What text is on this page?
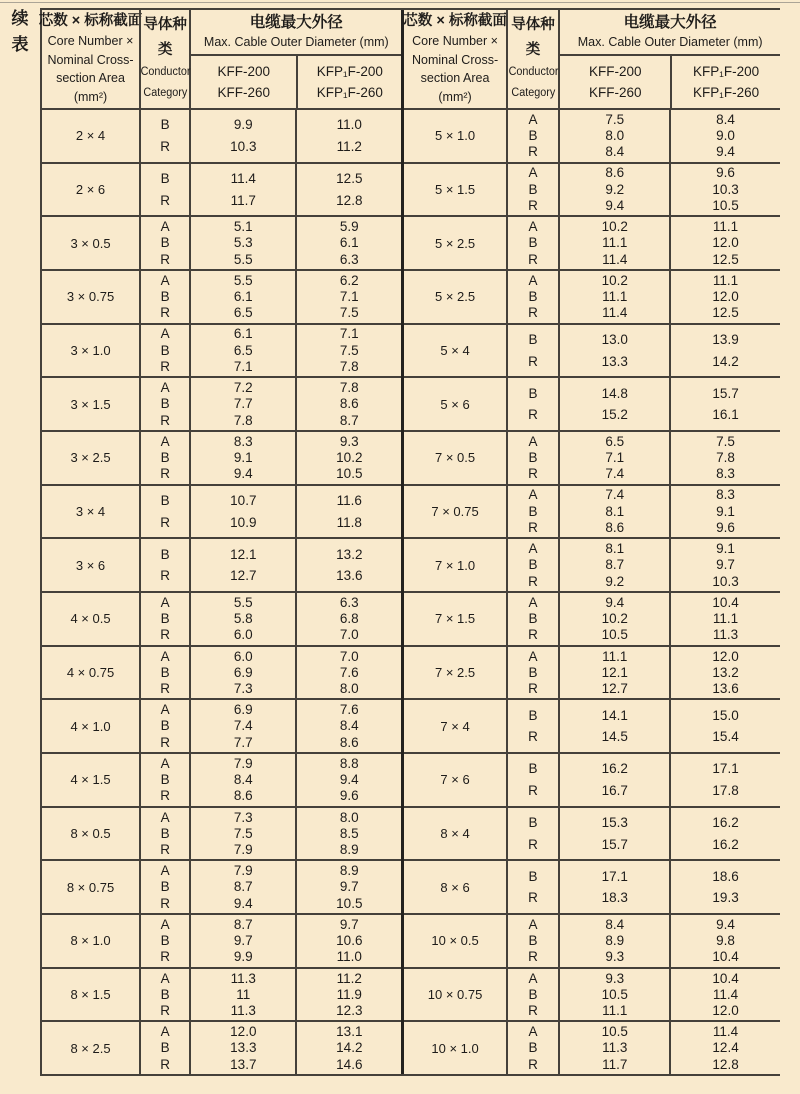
续
表
芯数 × 标称截面
Core Number ×
Nominal Cross-
section Area
(mm²)
导体种
类
Conductor
Category
电缆最大外径
Max. Cable Outer Diameter (mm)
KFF-200
KFF-260
KFP₁F-200
KFP₁F-260
2 × 4
B
R
9.9
10.3
11.0
11.2
2 × 6
B
R
11.4
11.7
12.5
12.8
3 × 0.5
A
B
R
5.1
5.3
5.5
5.9
6.1
6.3
3 × 0.75
A
B
R
5.5
6.1
6.5
6.2
7.1
7.5
3 × 1.0
A
B
R
6.1
6.5
7.1
7.1
7.5
7.8
3 × 1.5
A
B
R
7.2
7.7
7.8
7.8
8.6
8.7
3 × 2.5
A
B
R
8.3
9.1
9.4
9.3
10.2
10.5
3 × 4
B
R
10.7
10.9
11.6
11.8
3 × 6
B
R
12.1
12.7
13.2
13.6
4 × 0.5
A
B
R
5.5
5.8
6.0
6.3
6.8
7.0
4 × 0.75
A
B
R
6.0
6.9
7.3
7.0
7.6
8.0
4 × 1.0
A
B
R
6.9
7.4
7.7
7.6
8.4
8.6
4 × 1.5
A
B
R
7.9
8.4
8.6
8.8
9.4
9.6
8 × 0.5
A
B
R
7.3
7.5
7.9
8.0
8.5
8.9
8 × 0.75
A
B
R
7.9
8.7
9.4
8.9
9.7
10.5
8 × 1.0
A
B
R
8.7
9.7
9.9
9.7
10.6
11.0
8 × 1.5
A
B
R
11.3
11
11.3
11.2
11.9
12.3
8 × 2.5
A
B
R
12.0
13.3
13.7
13.1
14.2
14.6
芯数 × 标称截面
Core Number ×
Nominal Cross-
section Area
(mm²)
导体种
类
Conductor
Category
电缆最大外径
Max. Cable Outer Diameter (mm)
KFF-200
KFF-260
KFP₁F-200
KFP₁F-260
5 × 1.0
A
B
R
7.5
8.0
8.4
8.4
9.0
9.4
5 × 1.5
A
B
R
8.6
9.2
9.4
9.6
10.3
10.5
5 × 2.5
A
B
R
10.2
11.1
11.4
11.1
12.0
12.5
5 × 2.5
A
B
R
10.2
11.1
11.4
11.1
12.0
12.5
5 × 4
B
R
13.0
13.3
13.9
14.2
5 × 6
B
R
14.8
15.2
15.7
16.1
7 × 0.5
A
B
R
6.5
7.1
7.4
7.5
7.8
8.3
7 × 0.75
A
B
R
7.4
8.1
8.6
8.3
9.1
9.6
7 × 1.0
A
B
R
8.1
8.7
9.2
9.1
9.7
10.3
7 × 1.5
A
B
R
9.4
10.2
10.5
10.4
11.1
11.3
7 × 2.5
A
B
R
11.1
12.1
12.7
12.0
13.2
13.6
7 × 4
B
R
14.1
14.5
15.0
15.4
7 × 6
B
R
16.2
16.7
17.1
17.8
8 × 4
B
R
15.3
15.7
16.2
16.2
8 × 6
B
R
17.1
18.3
18.6
19.3
10 × 0.5
A
B
R
8.4
8.9
9.3
9.4
9.8
10.4
10 × 0.75
A
B
R
9.3
10.5
11.1
10.4
11.4
12.0
10 × 1.0
A
B
R
10.5
11.3
11.7
11.4
12.4
12.8
